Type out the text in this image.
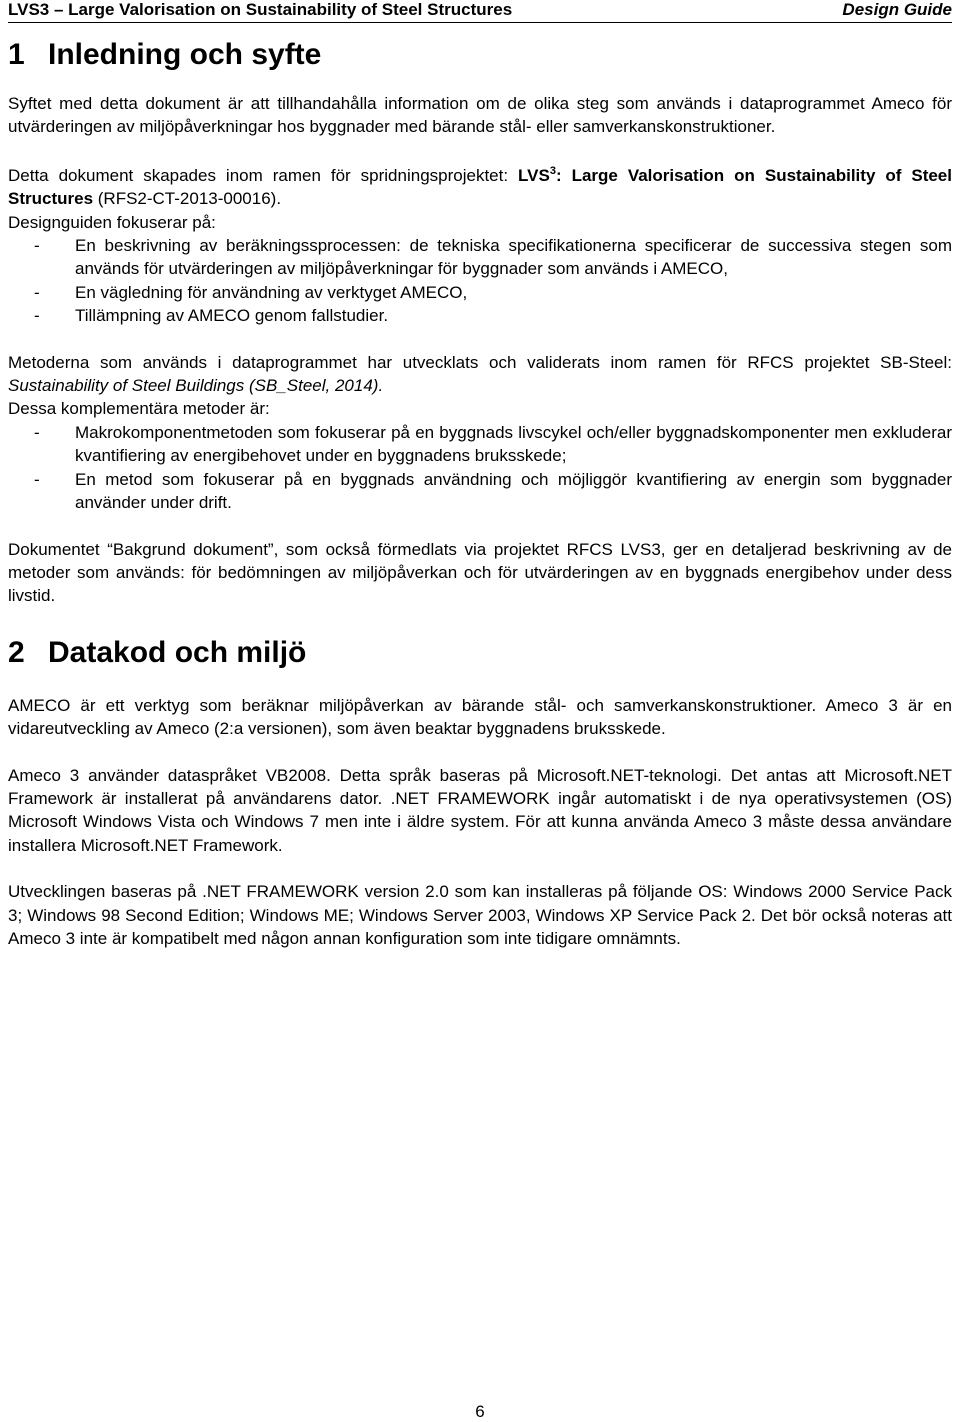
LVS3 – Large Valorisation on Sustainability of Steel Structures	Design Guide
1 Inledning och syfte

Syftet med detta dokument är att tillhandahålla information om de olika steg som används i dataprogrammet Ameco för utvärderingen av miljöpåverkningar hos byggnader med bärande stål- eller samverkanskonstruktioner.

Detta dokument skapades inom ramen för spridningsprojektet: LVS$^3$: Large Valorisation on Sustainability of Steel Structures (RFS2-CT-2013-00016).

Designguiden fokuserar på:

- En beskrivning av beräkningssprocessen: de tekniska specifikationerna specificerar de successiva stegen som används för utvärderingen av miljöpåverkningar för byggnader som används i AMECO,
- En vägledning för användning av verktyget AMECO,
- Tillämpning av AMECO genom fallstudier.

Metoderna som används i dataprogrammet har utvecklats och validerats inom ramen för RFCS projektet SB-Steel: Sustainability of Steel Buildings (SB_Steel, 2014).

Dessa komplementära metoder är:

- Makrokomponentmetoden som fokuserar på en byggnads livscykel och/eller byggnadskomponenter men exkluderar kvantifiering av energibehovet under en byggnadens bruksskede;
- En metod som fokuserar på en byggnads användning och möjliggör kvantifiering av energin som byggnader använder under drift.

Dokumentet “Bakgrund dokument”, som också förmedlats via projektet RFCS LVS3, ger en detaljerad beskrivning av de metoder som används: för bedömningen av miljöpåverkan och för utvärderingen av en byggnads energibehov under dess livstid.

2 Datakod och miljö

AMECO är ett verktyg som beräknar miljöpåverkan av bärande stål- och samverkanskonstruktioner. Ameco 3 är en vidareutveckling av Ameco (2:a versionen), som även beaktar byggnadens bruksskede.

Ameco 3 använder dataspråket VB2008. Detta språk baseras på Microsoft.NET-teknologi. Det antas att Microsoft.NET Framework är installerat på användarens dator. .NET FRAMEWORK ingår automatiskt i de nya operativsystemen (OS) Microsoft Windows Vista och Windows 7 men inte i äldre system. För att kunna använda Ameco 3 måste dessa användare installera Microsoft.NET Framework.

Utvecklingen baseras på .NET FRAMEWORK version 2.0 som kan installeras på följande OS: Windows 2000 Service Pack 3; Windows 98 Second Edition; Windows ME; Windows Server 2003, Windows XP Service Pack 2. Det bör också noteras att Ameco 3 inte är kompatibelt med någon annan konfiguration som inte tidigare omnämnts.

6
